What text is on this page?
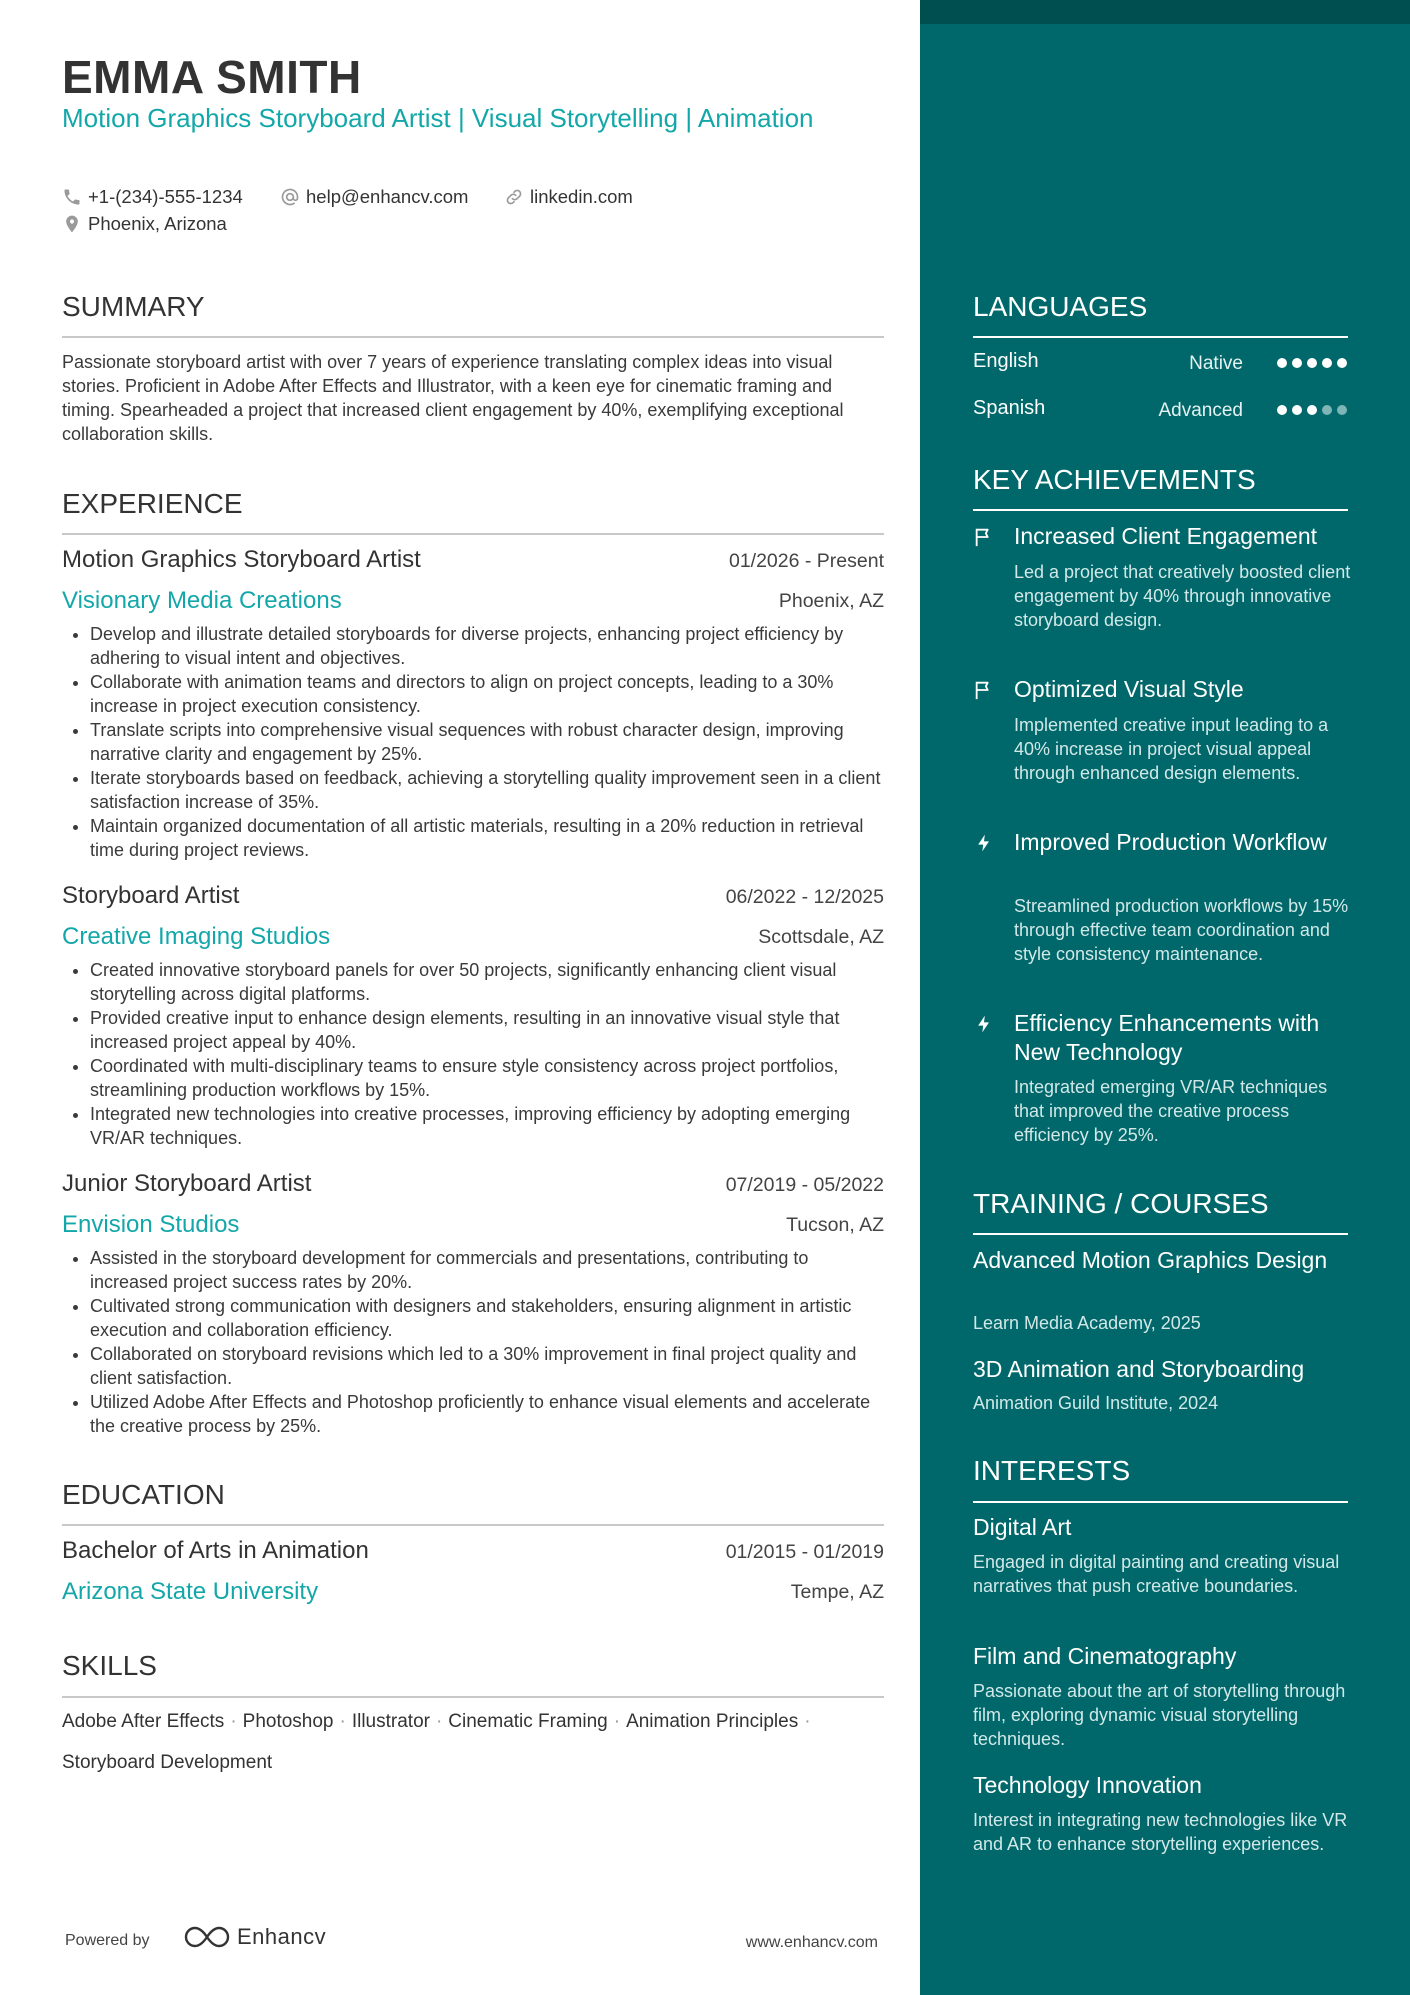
EMMA SMITH
Motion Graphics Storyboard Artist | Visual Storytelling | Animation
+1-(234)-555-1234	help@enhancv.com	linkedin.com
Phoenix, Arizona
SUMMARY
Passionate storyboard artist with over 7 years of experience translating complex ideas into visual stories. Proficient in Adobe After Effects and Illustrator, with a keen eye for cinematic framing and timing. Spearheaded a project that increased client engagement by 40%, exemplifying exceptional collaboration skills.
EXPERIENCE
Motion Graphics Storyboard Artist	01/2026 - Present
Visionary Media Creations	Phoenix, AZ
• Develop and illustrate detailed storyboards for diverse projects, enhancing project efficiency by adhering to visual intent and objectives.
• Collaborate with animation teams and directors to align on project concepts, leading to a 30% increase in project execution consistency.
• Translate scripts into comprehensive visual sequences with robust character design, improving narrative clarity and engagement by 25%.
• Iterate storyboards based on feedback, achieving a storytelling quality improvement seen in a client satisfaction increase of 35%.
• Maintain organized documentation of all artistic materials, resulting in a 20% reduction in retrieval time during project reviews.
Storyboard Artist	06/2022 - 12/2025
Creative Imaging Studios	Scottsdale, AZ
• Created innovative storyboard panels for over 50 projects, significantly enhancing client visual storytelling across digital platforms.
• Provided creative input to enhance design elements, resulting in an innovative visual style that increased project appeal by 40%.
• Coordinated with multi-disciplinary teams to ensure style consistency across project portfolios, streamlining production workflows by 15%.
• Integrated new technologies into creative processes, improving efficiency by adopting emerging VR/AR techniques.
Junior Storyboard Artist	07/2019 - 05/2022
Envision Studios	Tucson, AZ
• Assisted in the storyboard development for commercials and presentations, contributing to increased project success rates by 20%.
• Cultivated strong communication with designers and stakeholders, ensuring alignment in artistic execution and collaboration efficiency.
• Collaborated on storyboard revisions which led to a 30% improvement in final project quality and client satisfaction.
• Utilized Adobe After Effects and Photoshop proficiently to enhance visual elements and accelerate the creative process by 25%.
EDUCATION
Bachelor of Arts in Animation	01/2015 - 01/2019
Arizona State University	Tempe, AZ
SKILLS
Adobe After Effects · Photoshop · Illustrator · Cinematic Framing · Animation Principles ·
Storyboard Development
Powered by	Enhancv	www.enhancv.com
LANGUAGES
English	Native
Spanish	Advanced
KEY ACHIEVEMENTS
Increased Client Engagement
Led a project that creatively boosted client engagement by 40% through innovative storyboard design.
Optimized Visual Style
Implemented creative input leading to a 40% increase in project visual appeal through enhanced design elements.
Improved Production Workflow
Streamlined production workflows by 15% through effective team coordination and style consistency maintenance.
Efficiency Enhancements with New Technology
Integrated emerging VR/AR techniques that improved the creative process efficiency by 25%.
TRAINING / COURSES
Advanced Motion Graphics Design
Learn Media Academy, 2025
3D Animation and Storyboarding
Animation Guild Institute, 2024
INTERESTS
Digital Art
Engaged in digital painting and creating visual narratives that push creative boundaries.
Film and Cinematography
Passionate about the art of storytelling through film, exploring dynamic visual storytelling techniques.
Technology Innovation
Interest in integrating new technologies like VR and AR to enhance storytelling experiences.
